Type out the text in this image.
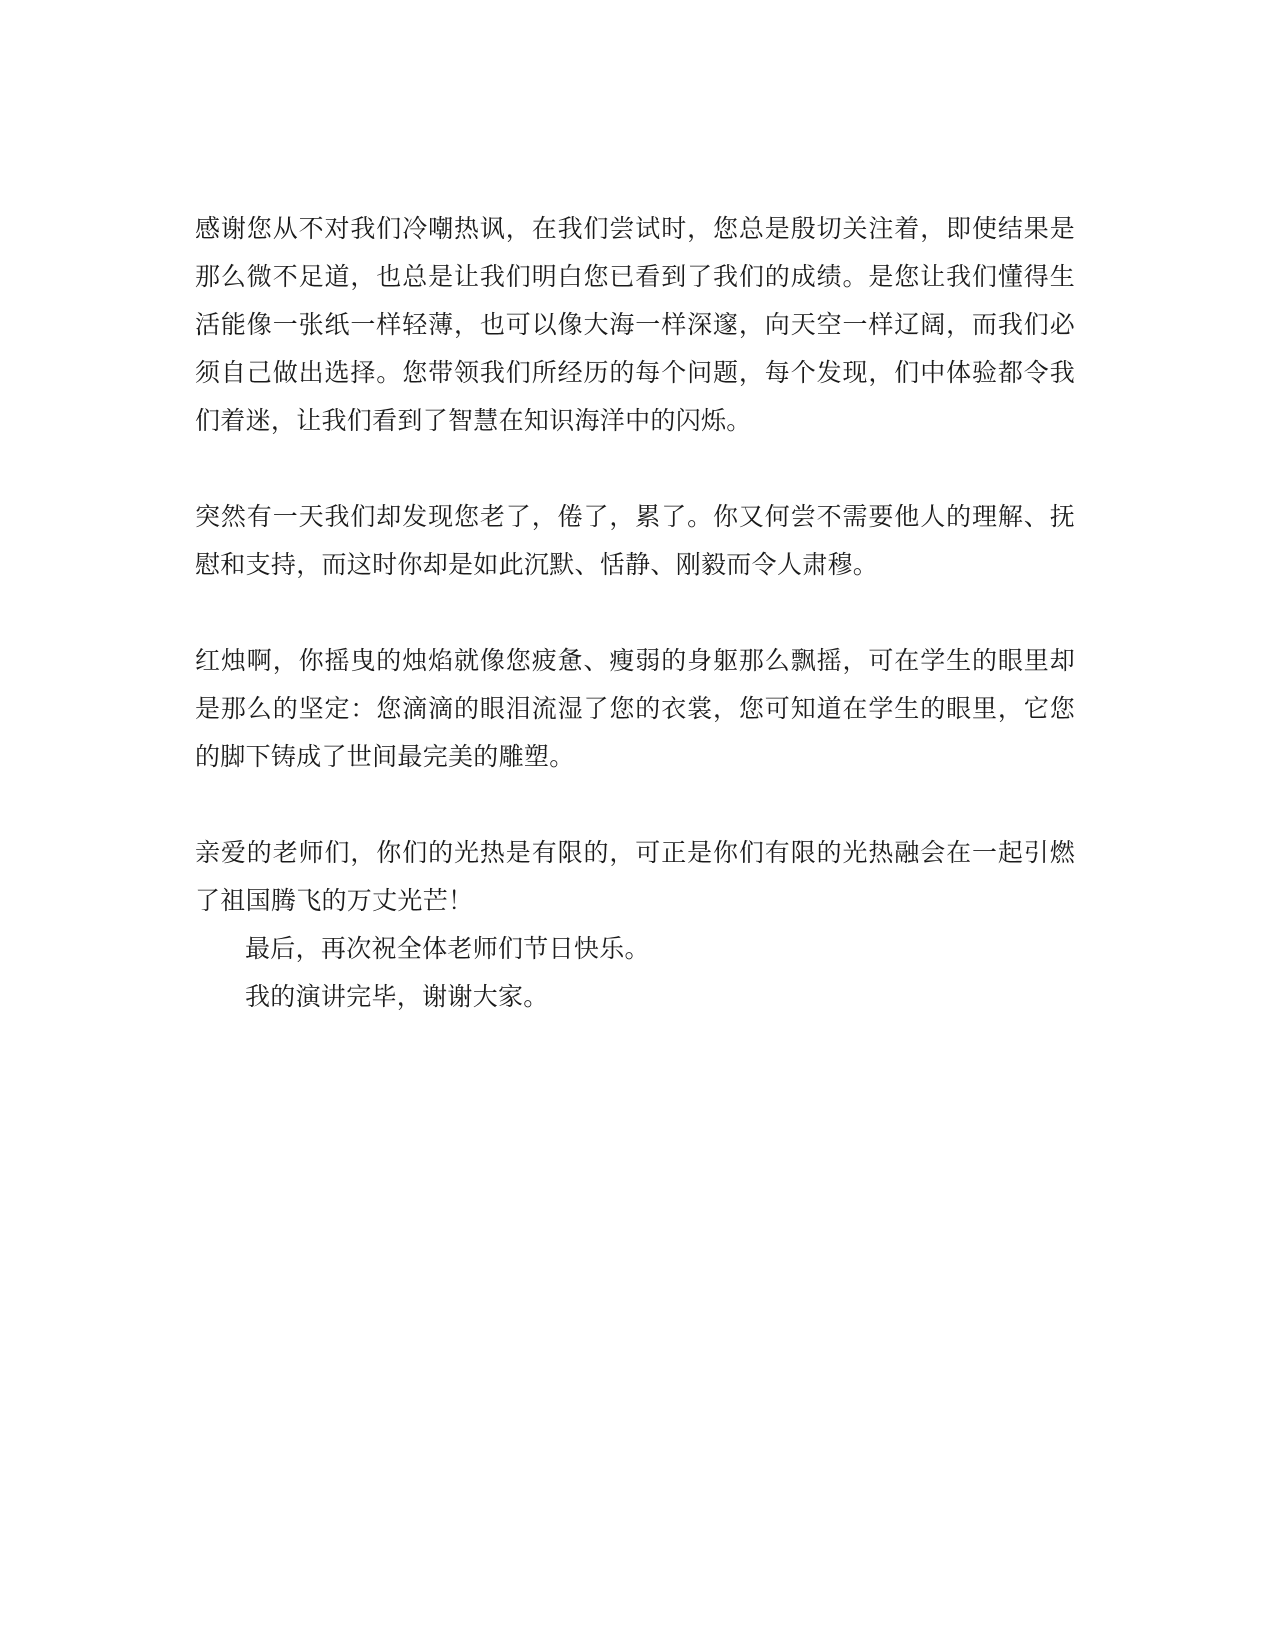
感谢您从不对我们冷嘲热讽，在我们尝试时，您总是殷切关注着，即使结果是那么微不足道，也总是让我们明白您已看到了我们的成绩。是您让我们懂得生活能像一张纸一样轻薄，也可以像大海一样深邃，向天空一样辽阔，而我们必须自己做出选择。您带领我们所经历的每个问题，每个发现，们中体验都令我们着迷，让我们看到了智慧在知识海洋中的闪烁。

突然有一天我们却发现您老了，倦了，累了。你又何尝不需要他人的理解、抚慰和支持，而这时你却是如此沉默、恬静、刚毅而令人肃穆。

红烛啊，你摇曳的烛焰就像您疲惫、瘦弱的身躯那么飘摇，可在学生的眼里却是那么的坚定：您滴滴的眼泪流湿了您的衣裳，您可知道在学生的眼里，它您的脚下铸成了世间最完美的雕塑。

亲爱的老师们，你们的光热是有限的，可正是你们有限的光热融会在一起引燃了祖国腾飞的万丈光芒！

最后，再次祝全体老师们节日快乐。

我的演讲完毕，谢谢大家。
